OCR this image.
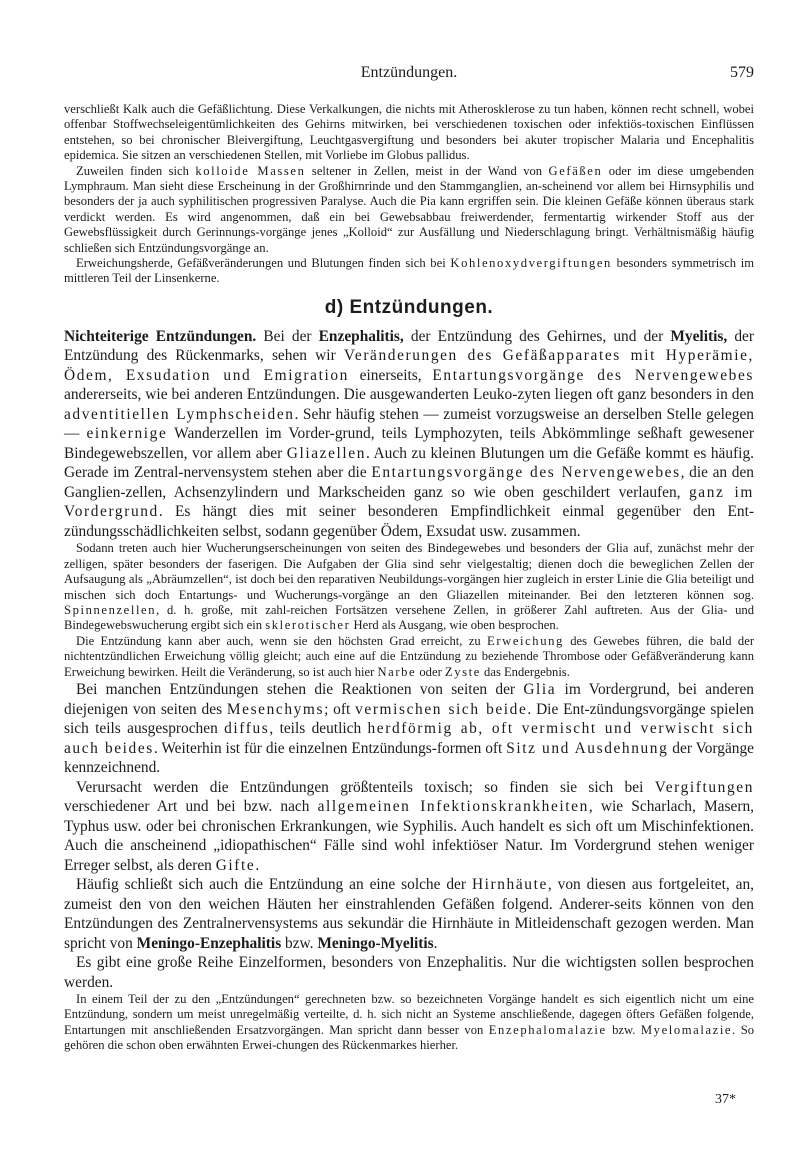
Entzündungen.	579

verschließt Kalk auch die Gefäßlichtung. Diese Verkalkungen, die nichts mit Atherosklerose zu tun haben, können recht schnell, wobei offenbar Stoffwechseleigentümlichkeiten des Gehirns mitwirken, bei verschiedenen toxischen oder infektiös-toxischen Einflüssen entstehen, so bei chronischer Bleivergiftung, Leuchtgasvergiftung und besonders bei akuter tropischer Malaria und Encephalitis epidemica. Sie sitzen an verschiedenen Stellen, mit Vorliebe im Globus pallidus.

Zuweilen finden sich kolloide Massen seltener in Zellen, meist in der Wand von Gefäßen oder im diese umgebenden Lymphraum. Man sieht diese Erscheinung in der Großhirnrinde und den Stammganglien, an-scheinend vor allem bei Hirnsyphilis und besonders der ja auch syphilitischen progressiven Paralyse. Auch die Pia kann ergriffen sein. Die kleinen Gefäße können überaus stark verdickt werden. Es wird angenommen, daß ein bei Gewebsabbau freiwerdender, fermentartig wirkender Stoff aus der Gewebsflüssigkeit durch Gerinnungs-vorgänge jenes „Kolloid“ zur Ausfällung und Niederschlagung bringt. Verhältnismäßig häufig schließen sich Entzündungsvorgänge an.

Erweichungsherde, Gefäßveränderungen und Blutungen finden sich bei Kohlenoxydvergiftungen besonders symmetrisch im mittleren Teil der Linsenkerne.

d) Entzündungen.

Nichteiterige Entzündungen. Bei der Enzephalitis, der Entzündung des Gehirnes, und der Myelitis, der Entzündung des Rückenmarks, sehen wir Veränderungen des Gefäßapparates mit Hyperämie, Ödem, Exsudation und Emigration einerseits, Entartungsvorgänge des Nervengewebes andererseits, wie bei anderen Entzündungen. Die ausgewanderten Leuko-zyten liegen oft ganz besonders in den adventitiellen Lymphscheiden. Sehr häufig stehen — zumeist vorzugsweise an derselben Stelle gelegen — einkernige Wanderzellen im Vorder-grund, teils Lymphozyten, teils Abkömmlinge seßhaft gewesener Bindegewebszellen, vor allem aber Gliazellen. Auch zu kleinen Blutungen um die Gefäße kommt es häufig. Gerade im Zentral-nervensystem stehen aber die Entartungsvorgänge des Nervengewebes, die an den Ganglien-zellen, Achsenzylindern und Markscheiden ganz so wie oben geschildert verlaufen, ganz im Vordergrund. Es hängt dies mit seiner besonderen Empfindlichkeit einmal gegenüber den Ent-zündungsschädlichkeiten selbst, sodann gegenüber Ödem, Exsudat usw. zusammen.

Sodann treten auch hier Wucherungserscheinungen von seiten des Bindegewebes und besonders der Glia auf, zunächst mehr der zelligen, später besonders der faserigen. Die Aufgaben der Glia sind sehr vielgestaltig; dienen doch die beweglichen Zellen der Aufsaugung als „Abräumzellen“, ist doch bei den reparativen Neubildungs-vorgängen hier zugleich in erster Linie die Glia beteiligt und mischen sich doch Entartungs- und Wucherungs-vorgänge an den Gliazellen miteinander. Bei den letzteren können sog. Spinnenzellen, d. h. große, mit zahl-reichen Fortsätzen versehene Zellen, in größerer Zahl auftreten. Aus der Glia- und Bindegewebswucherung ergibt sich ein sklerotischer Herd als Ausgang, wie oben besprochen.

Die Entzündung kann aber auch, wenn sie den höchsten Grad erreicht, zu Erweichung des Gewebes führen, die bald der nichtentzündlichen Erweichung völlig gleicht; auch eine auf die Entzündung zu beziehende Thrombose oder Gefäßveränderung kann Erweichung bewirken. Heilt die Veränderung, so ist auch hier Narbe oder Zyste das Endergebnis.

Bei manchen Entzündungen stehen die Reaktionen von seiten der Glia im Vordergrund, bei anderen diejenigen von seiten des Mesenchyms; oft vermischen sich beide. Die Ent-zündungsvorgänge spielen sich teils ausgesprochen diffus, teils deutlich herdförmig ab, oft vermischt und verwischt sich auch beides. Weiterhin ist für die einzelnen Entzündungs-formen oft Sitz und Ausdehnung der Vorgänge kennzeichnend.

Verursacht werden die Entzündungen größtenteils toxisch; so finden sie sich bei Vergiftungen verschiedener Art und bei bzw. nach allgemeinen Infektionskrankheiten, wie Scharlach, Masern, Typhus usw. oder bei chronischen Erkrankungen, wie Syphilis. Auch handelt es sich oft um Mischinfektionen. Auch die anscheinend „idiopathischen“ Fälle sind wohl infektiöser Natur. Im Vordergrund stehen weniger Erreger selbst, als deren Gifte.

Häufig schließt sich auch die Entzündung an eine solche der Hirnhäute, von diesen aus fortgeleitet, an, zumeist den von den weichen Häuten her einstrahlenden Gefäßen folgend. Anderer-seits können von den Entzündungen des Zentralnervensystems aus sekundär die Hirnhäute in Mitleidenschaft gezogen werden. Man spricht von Meningo-Enzephalitis bzw. Meningo-Myelitis.

Es gibt eine große Reihe Einzelformen, besonders von Enzephalitis. Nur die wichtigsten sollen besprochen werden.

In einem Teil der zu den „Entzündungen“ gerechneten bzw. so bezeichneten Vorgänge handelt es sich eigentlich nicht um eine Entzündung, sondern um meist unregelmäßig verteilte, d. h. sich nicht an Systeme anschließende, dagegen öfters Gefäßen folgende, Entartungen mit anschließenden Ersatzvorgängen. Man spricht dann besser von Enzephalomalazie bzw. Myelomalazie. So gehören die schon oben erwähnten Erwei-chungen des Rückenmarkes hierher.

37*
